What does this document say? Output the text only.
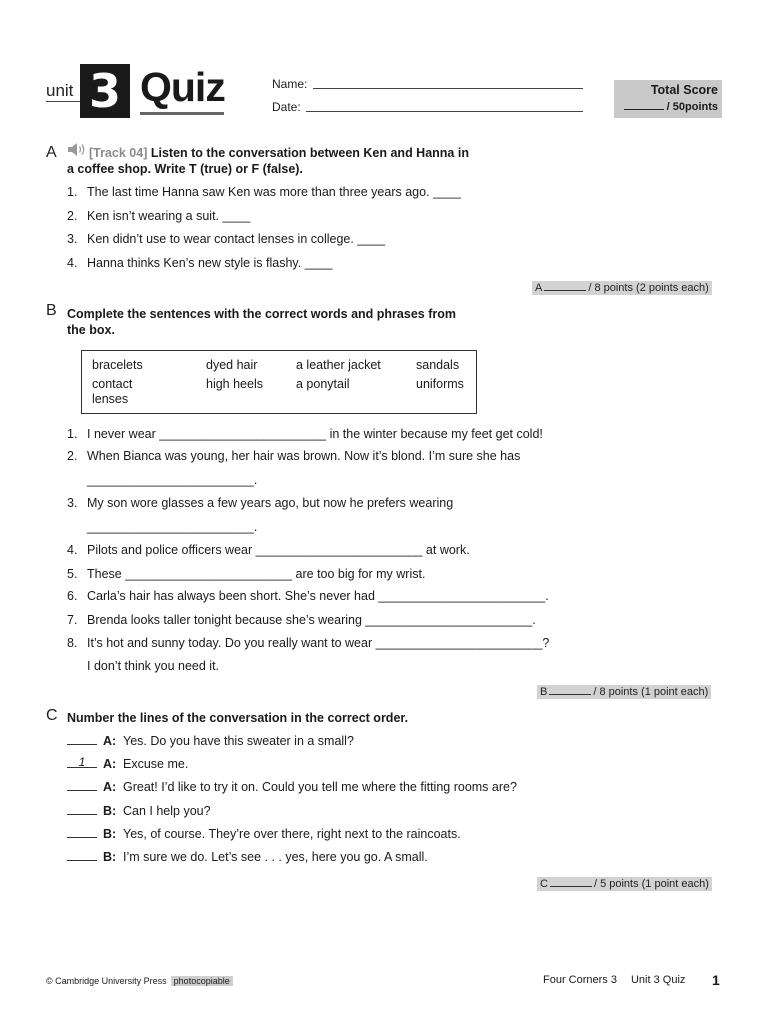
unit 3 Quiz	Name:
Date:
Total Score
/ 50points
A	[Track 04] Listen to the conversation between Ken and Hanna in
a coffee shop. Write T (true) or F (false).
1. The last time Hanna saw Ken was more than three years ago. ____
2. Ken isn’t wearing a suit. ____
3. Ken didn’t use to wear contact lenses in college. ____
4. Hanna thinks Ken’s new style is flashy. ____
A	/ 8 points (2 points each)
B Complete the sentences with the correct words and phrases from
the box.
bracelets	dyed hair	a leather jacket	sandals
contact	high heels	a ponytail	uniforms
lenses
1. I never wear ________________________ in the winter because my feet get cold!
2. When Bianca was young, her hair was brown. Now it’s blond. I’m sure she has
________________________.
3. My son wore glasses a few years ago, but now he prefers wearing
________________________.
4. Pilots and police officers wear ________________________ at work.
5. These ________________________ are too big for my wrist.
6. Carla’s hair has always been short. She’s never had ________________________.
7. Brenda looks taller tonight because she’s wearing ________________________.
8. It’s hot and sunny today. Do you really want to wear ________________________?
I don’t think you need it.
B	/ 8 points (1 point each)
C Number the lines of the conversation in the correct order.
A: Yes. Do you have this sweater in a small?
1	A: Excuse me.
A: Great! I’d like to try it on. Could you tell me where the fitting rooms are?
B: Can I help you?
B: Yes, of course. They’re over there, right next to the raincoats.
B: I’m sure we do. Let’s see . . . yes, here you go. A small.
C	/ 5 points (1 point each)
© Cambridge University Press photocopiable	Four Corners 3 Unit 3 Quiz 1
